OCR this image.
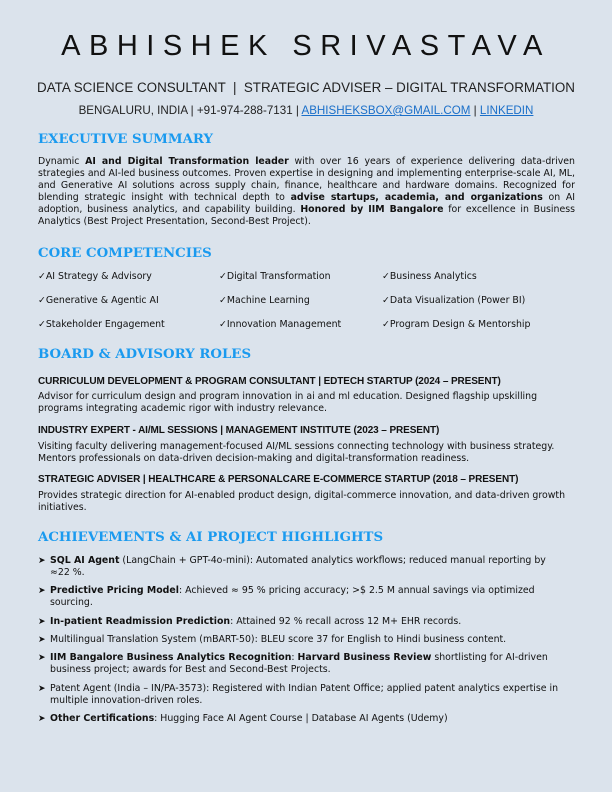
ABHISHEK SRIVASTAVA
DATA SCIENCE CONSULTANT  |  STRATEGIC ADVISER – DIGITAL TRANSFORMATION
BENGALURU, INDIA | +91-974-288-7131 | ABHISHEKSBOX@GMAIL.COM | LINKEDIN
EXECUTIVE SUMMARY
Dynamic AI and Digital Transformation leader with over 16 years of experience delivering data-driven strategies and AI-led business outcomes. Proven expertise in designing and implementing enterprise-scale AI, ML, and Generative AI solutions across supply chain, finance, healthcare and hardware domains. Recognized for blending strategic insight with technical depth to advise startups, academia, and organizations on AI adoption, business analytics, and capability building. Honored by IIM Bangalore for excellence in Business Analytics (Best Project Presentation, Second-Best Project).
CORE COMPETENCIES
✓AI Strategy & Advisory	✓Digital Transformation	✓Business Analytics
✓Generative & Agentic AI	✓Machine Learning	✓Data Visualization (Power BI)
✓Stakeholder Engagement	✓Innovation Management	✓Program Design & Mentorship
BOARD & ADVISORY ROLES
CURRICULUM DEVELOPMENT & PROGRAM CONSULTANT | EDTECH STARTUP (2024 – PRESENT)
Advisor for curriculum design and program innovation in ai and ml education. Designed flagship upskilling programs integrating academic rigor with industry relevance.
INDUSTRY EXPERT - AI/ML SESSIONS | MANAGEMENT INSTITUTE (2023 – PRESENT)
Visiting faculty delivering management-focused AI/ML sessions connecting technology with business strategy. Mentors professionals on data-driven decision-making and digital-transformation readiness.
STRATEGIC ADVISER | HEALTHCARE & PERSONALCARE E-COMMERCE STARTUP (2018 – PRESENT)
Provides strategic direction for AI-enabled product design, digital-commerce innovation, and data-driven growth initiatives.
ACHIEVEMENTS & AI PROJECT HIGHLIGHTS
➤ SQL AI Agent (LangChain + GPT-4o-mini): Automated analytics workflows; reduced manual reporting by ≈22 %.
➤ Predictive Pricing Model: Achieved ≈ 95 % pricing accuracy; >$ 2.5 M annual savings via optimized sourcing.
➤ In-patient Readmission Prediction: Attained 92 % recall across 12 M+ EHR records.
➤ Multilingual Translation System (mBART-50): BLEU score 37 for English to Hindi business content.
➤ IIM Bangalore Business Analytics Recognition: Harvard Business Review shortlisting for AI-driven business project; awards for Best and Second-Best Projects.
➤ Patent Agent (India – IN/PA-3573): Registered with Indian Patent Office; applied patent analytics expertise in multiple innovation-driven roles.
➤ Other Certifications: Hugging Face AI Agent Course | Database AI Agents (Udemy)
